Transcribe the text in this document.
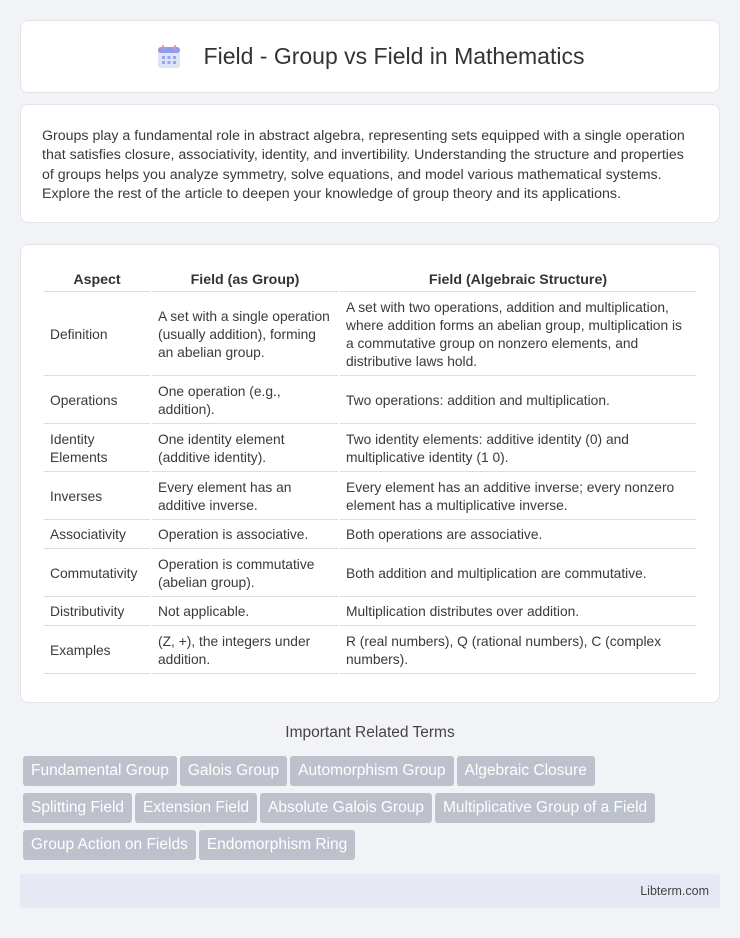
Field - Group vs Field in Mathematics

Groups play a fundamental role in abstract algebra, representing sets equipped with a single operation that satisfies closure, associativity, identity, and invertibility. Understanding the structure and properties of groups helps you analyze symmetry, solve equations, and model various mathematical systems. Explore the rest of the article to deepen your knowledge of group theory and its applications.

Aspect	Field (as Group)	Field (Algebraic Structure)
Definition	A set with a single operation (usually addition), forming an abelian group.	A set with two operations, addition and multiplication, where addition forms an abelian group, multiplication is a commutative group on nonzero elements, and distributive laws hold.
Operations	One operation (e.g., addition).	Two operations: addition and multiplication.
Identity Elements	One identity element (additive identity).	Two identity elements: additive identity (0) and multiplicative identity (1 0).
Inverses	Every element has an additive inverse.	Every element has an additive inverse; every nonzero element has a multiplicative inverse.
Associativity	Operation is associative.	Both operations are associative.
Commutativity	Operation is commutative (abelian group).	Both addition and multiplication are commutative.
Distributivity	Not applicable.	Multiplication distributes over addition.
Examples	(Z, +), the integers under addition.	R (real numbers), Q (rational numbers), C (complex numbers).
Important Related Terms
Fundamental Group Galois Group Automorphism Group Algebraic Closure
Splitting Field Extension Field Absolute Galois Group Multiplicative Group of a Field
Group Action on Fields Endomorphism Ring
Libterm.com
